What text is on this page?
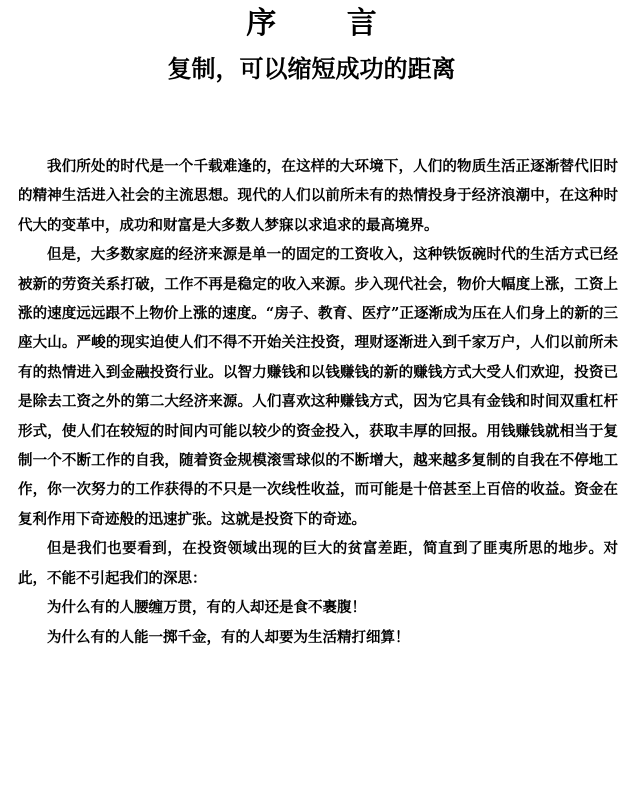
序 言
复制，可以缩短成功的距离

我们所处的时代是一个千载难逢的，在这样的大环境下，人们的物质生活正逐渐替代旧时的精神生活进入社会的主流思想。现代的人们以前所未有的热情投身于经济浪潮中，在这种时代大的变革中，成功和财富是大多数人梦寐以求追求的最高境界。

但是，大多数家庭的经济来源是单一的固定的工资收入，这种铁饭碗时代的生活方式已经被新的劳资关系打破，工作不再是稳定的收入来源。步入现代社会，物价大幅度上涨，工资上涨的速度远远跟不上物价上涨的速度。“房子、教育、医疗”正逐渐成为压在人们身上的新的三座大山。严峻的现实迫使人们不得不开始关注投资，理财逐渐进入到千家万户，人们以前所未有的热情进入到金融投资行业。以智力赚钱和以钱赚钱的新的赚钱方式大受人们欢迎，投资已是除去工资之外的第二大经济来源。人们喜欢这种赚钱方式，因为它具有金钱和时间双重杠杆形式，使人们在较短的时间内可能以较少的资金投入，获取丰厚的回报。用钱赚钱就相当于复制一个不断工作的自我，随着资金规模滚雪球似的不断增大，越来越多复制的自我在不停地工作，你一次努力的工作获得的不只是一次线性收益，而可能是十倍甚至上百倍的收益。资金在复利作用下奇迹般的迅速扩张。这就是投资下的奇迹。

但是我们也要看到，在投资领域出现的巨大的贫富差距，简直到了匪夷所思的地步。对此，不能不引起我们的深思：

为什么有的人腰缠万贯，有的人却还是食不裹腹！

为什么有的人能一掷千金，有的人却要为生活精打细算！
